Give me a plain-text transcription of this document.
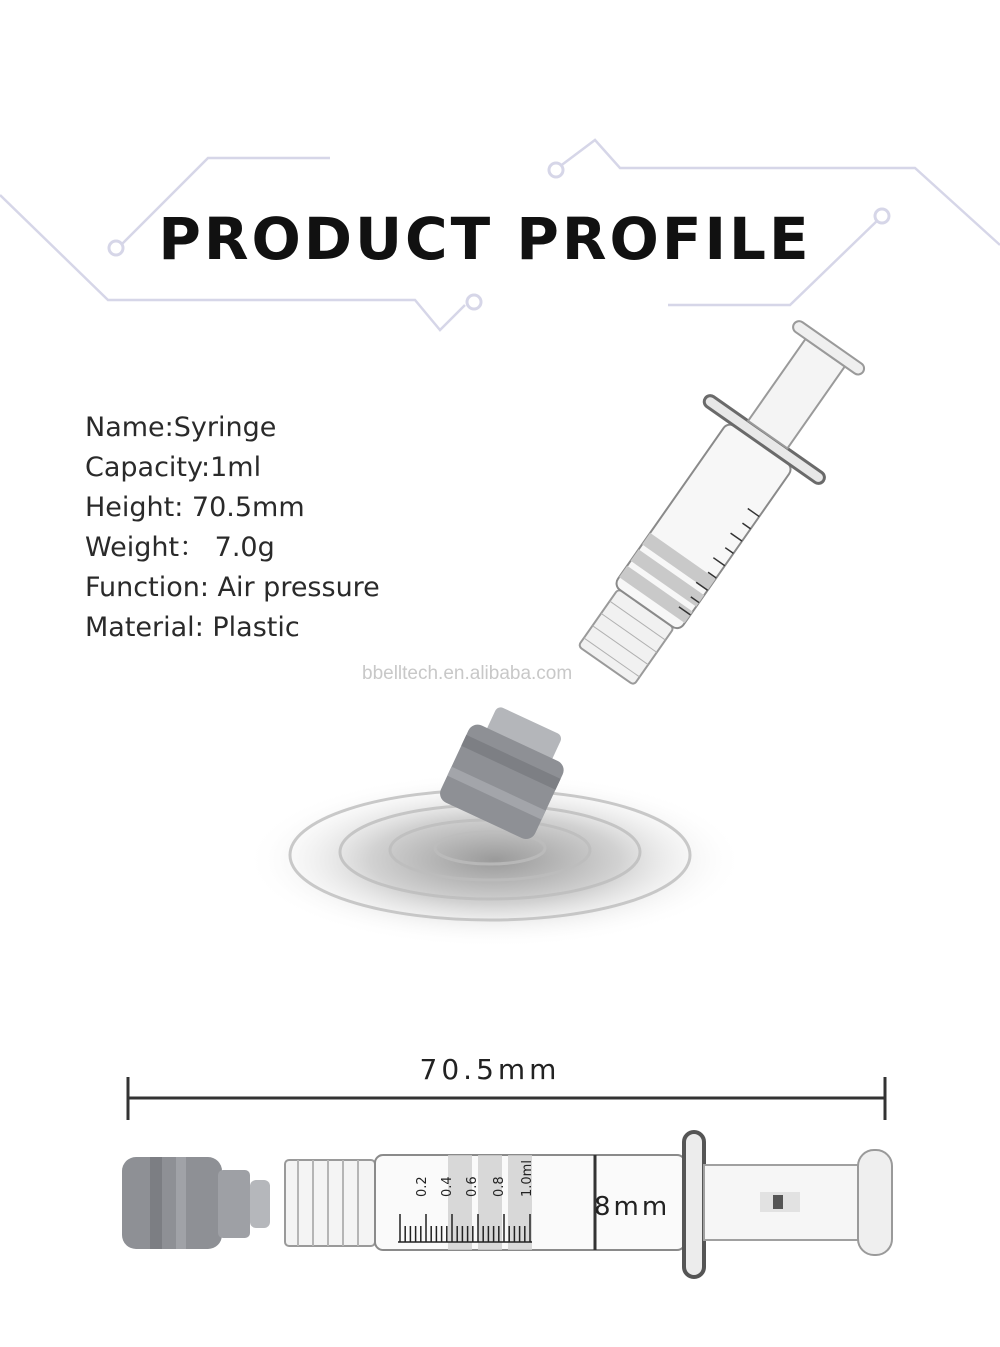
PRODUCT PROFILE
Name:Syringe
Capacity:1ml
Height: 70.5mm
Weight： 7.0g
Function: Air pressure
Material: Plastic
bbelltech.en.alibaba.com
70.5mm
0.2 0.4 0.6 0.8 1.0ml
8mm
